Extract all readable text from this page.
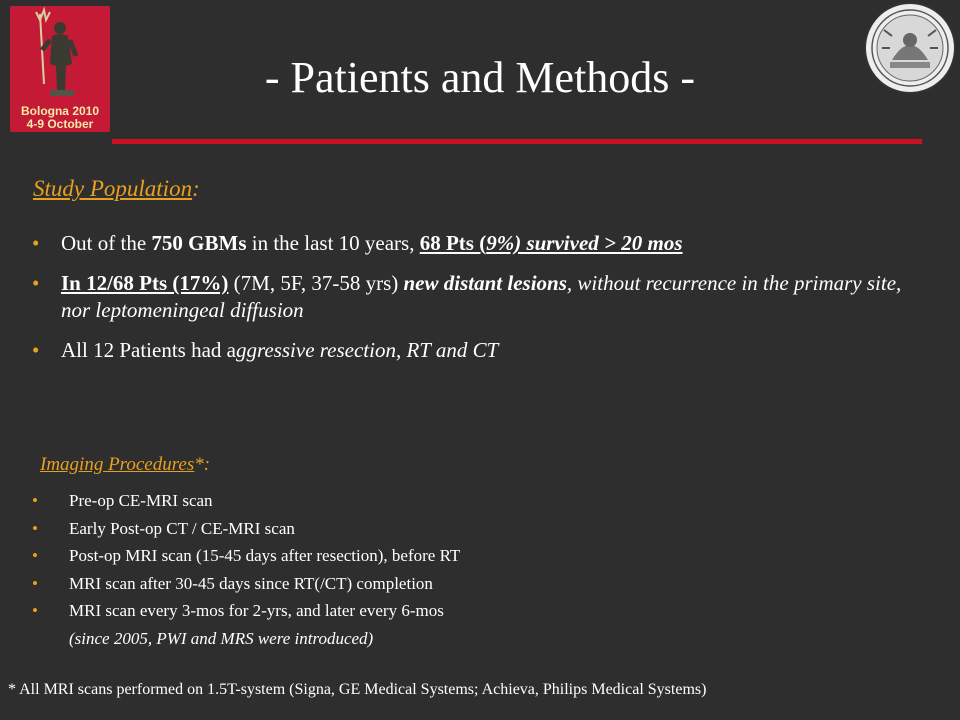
Bologna 2010
4-9 October
- Patients and Methods -
Study Population:
• Out of the 750 GBMs in the last 10 years, 68 Pts (9%) survived > 20 mos
• In 12/68 Pts (17%) (7M, 5F, 37-58 yrs) new distant lesions, without recurrence in the primary site, nor leptomeningeal diffusion
• All 12 Patients had aggressive resection, RT and CT
Imaging Procedures*:
• Pre-op CE-MRI scan
• Early Post-op CT / CE-MRI scan
• Post-op MRI scan (15-45 days after resection), before RT
• MRI scan after 30-45 days since RT(/CT) completion
• MRI scan every 3-mos for 2-yrs, and later every 6-mos
(since 2005, PWI and MRS were introduced)
* All MRI scans performed on 1.5T-system (Signa, GE Medical Systems; Achieva, Philips Medical Systems)
